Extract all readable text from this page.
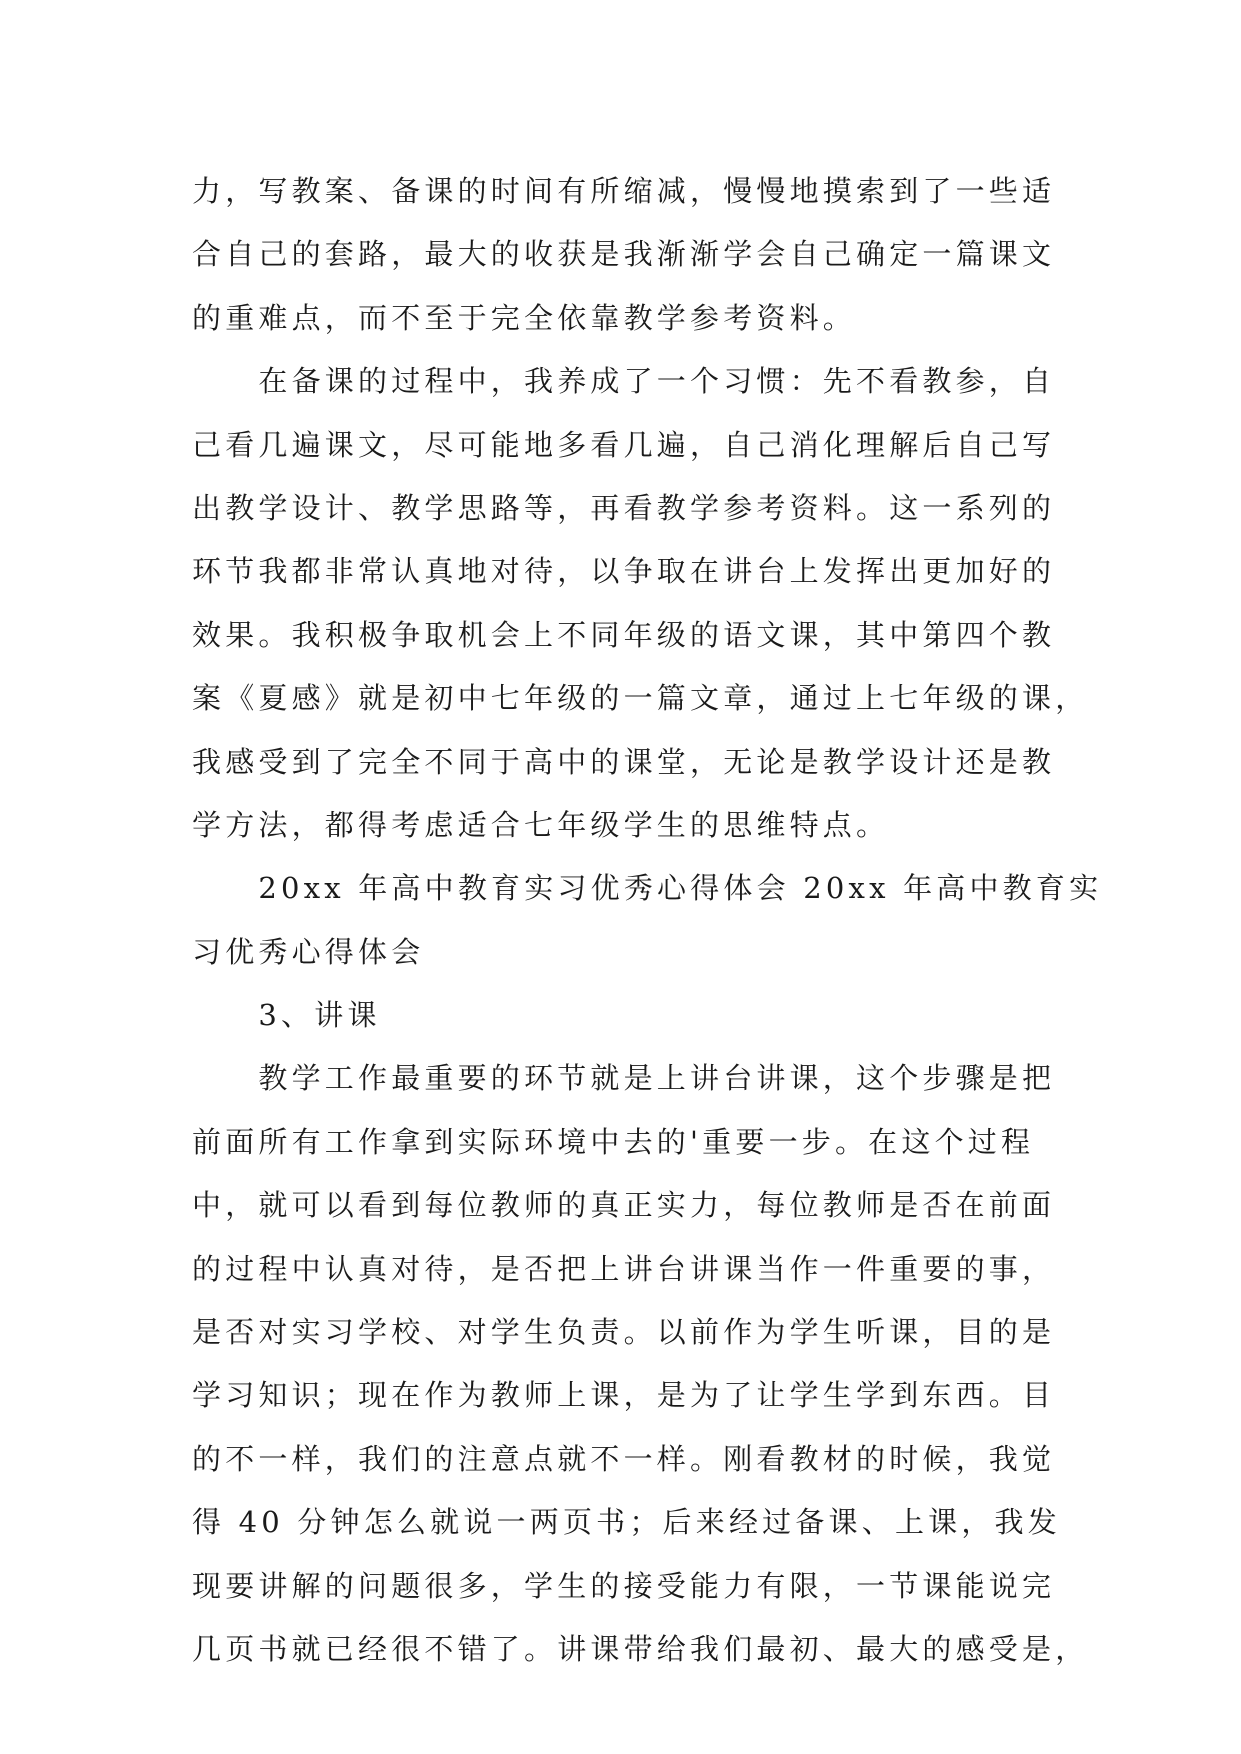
力，写教案、备课的时间有所缩减，慢慢地摸索到了一些适
合自己的套路，最大的收获是我渐渐学会自己确定一篇课文
的重难点，而不至于完全依靠教学参考资料。
　　在备课的过程中，我养成了一个习惯：先不看教参，自
己看几遍课文，尽可能地多看几遍，自己消化理解后自己写
出教学设计、教学思路等，再看教学参考资料。这一系列的
环节我都非常认真地对待，以争取在讲台上发挥出更加好的
效果。我积极争取机会上不同年级的语文课，其中第四个教
案《夏感》就是初中七年级的一篇文章，通过上七年级的课，
我感受到了完全不同于高中的课堂，无论是教学设计还是教
学方法，都得考虑适合七年级学生的思维特点。
　　20xx 年高中教育实习优秀心得体会 20xx 年高中教育实
习优秀心得体会
　　3、讲课
　　教学工作最重要的环节就是上讲台讲课，这个步骤是把
前面所有工作拿到实际环境中去的'重要一步。在这个过程
中，就可以看到每位教师的真正实力，每位教师是否在前面
的过程中认真对待，是否把上讲台讲课当作一件重要的事，
是否对实习学校、对学生负责。以前作为学生听课，目的是
学习知识；现在作为教师上课，是为了让学生学到东西。目
的不一样，我们的注意点就不一样。刚看教材的时候，我觉
得 40 分钟怎么就说一两页书；后来经过备课、上课，我发
现要讲解的问题很多，学生的接受能力有限，一节课能说完
几页书就已经很不错了。讲课带给我们最初、最大的感受是，
